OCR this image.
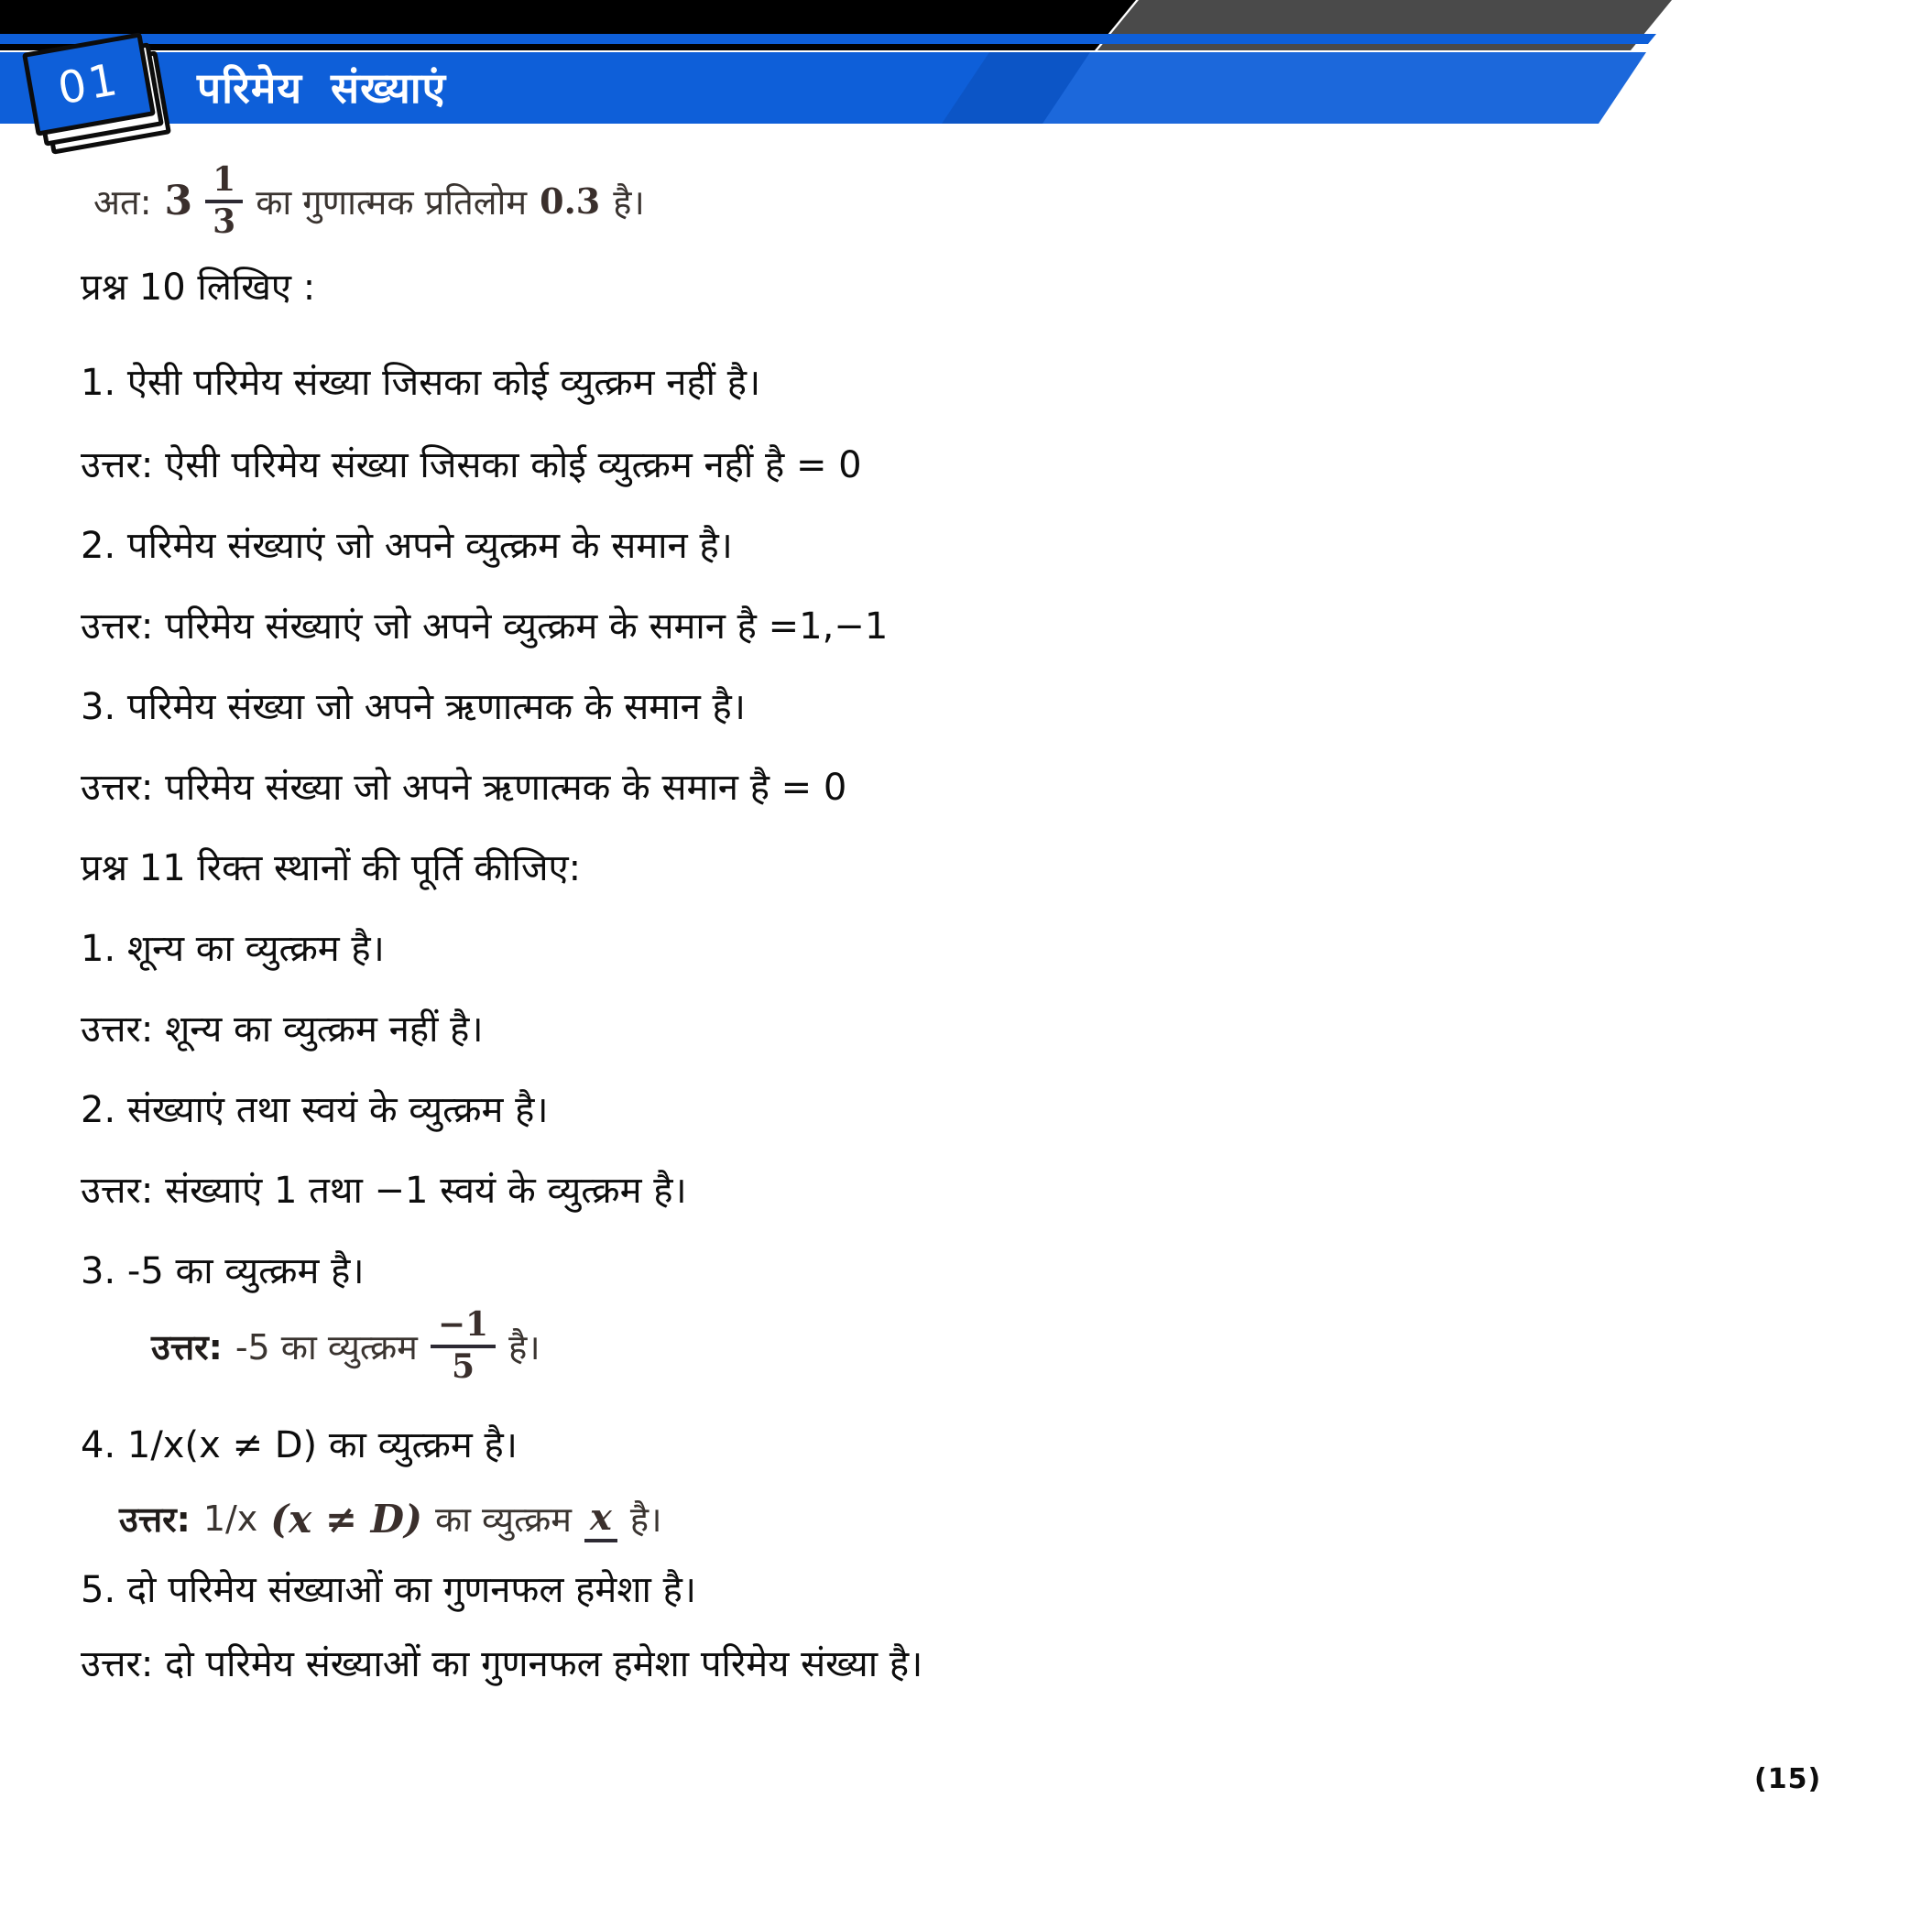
परिमेय संख्याएं
01
अत: $3 \frac{1}{3}$ का गुणात्मक प्रतिलोम 0.3 है।
प्रश्न 10 लिखिए :
1. ऐसी परिमेय संख्या जिसका कोई व्युत्क्रम नहीं है।
उत्तर: ऐसी परिमेय संख्या जिसका कोई व्युत्क्रम नहीं है = 0
2. परिमेय संख्याएं जो अपने व्युत्क्रम के समान है।
उत्तर: परिमेय संख्याएं जो अपने व्युत्क्रम के समान है =1,−1
3. परिमेय संख्या जो अपने ऋणात्मक के समान है।
उत्तर: परिमेय संख्या जो अपने ऋणात्मक के समान है = 0
प्रश्न 11 रिक्त स्थानों की पूर्ति कीजिए:
1. शून्य का व्युत्क्रम है।
उत्तर: शून्य का व्युत्क्रम नहीं है।
2. संख्याएं तथा स्वयं के व्युत्क्रम है।
उत्तर: संख्याएं 1 तथा −1 स्वयं के व्युत्क्रम है।
3. -5 का व्युत्क्रम है।
उत्तर: -5 का व्युत्क्रम $\frac{-1}{5}$ है।
4. 1/x(x ≠ D) का व्युत्क्रम है।
उत्तर: 1/x (x ≠ D) का व्युत्क्रम x है।
5. दो परिमेय संख्याओं का गुणनफल हमेशा है।
उत्तर: दो परिमेय संख्याओं का गुणनफल हमेशा परिमेय संख्या है।
(15)
